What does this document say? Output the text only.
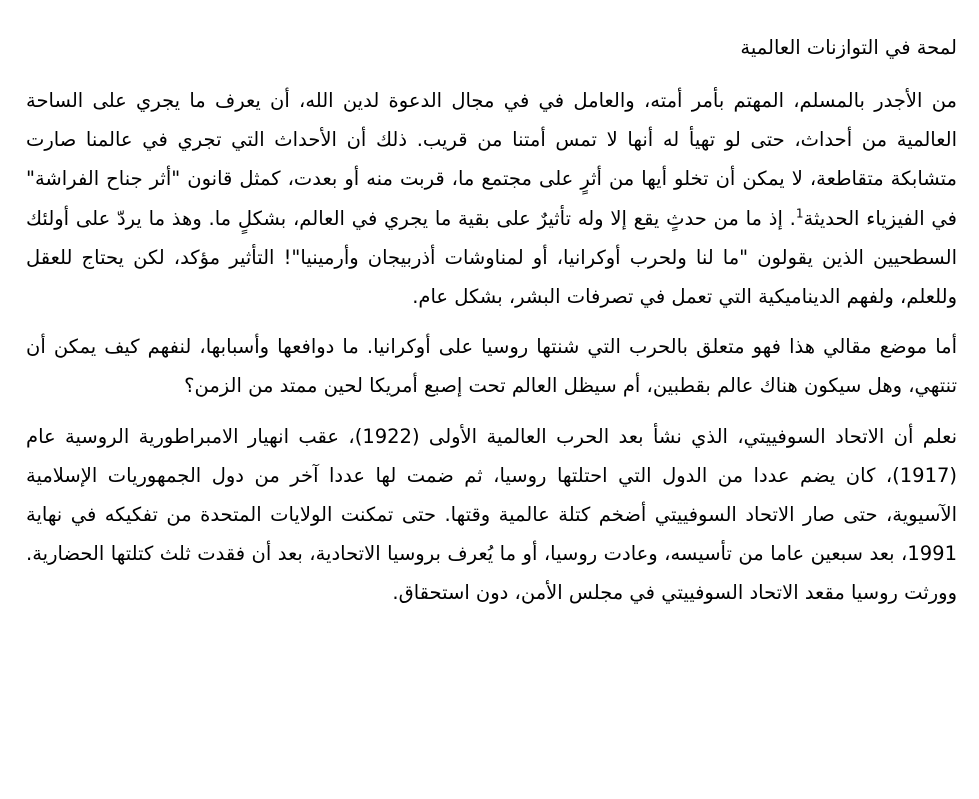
لمحة في التوازنات العالمية

من الأجدر بالمسلم، المهتم بأمر أمته، والعامل في في مجال الدعوة لدين الله، أن يعرف ما يجري على الساحة العالمية من أحداث، حتى لو تهيأ له أنها لا تمس أمتنا من قريب. ذلك أن الأحداث التي تجري في عالمنا صارت متشابكة متقاطعة، لا يمكن أن تخلو أيها من أثرٍ على مجتمع ما، قربت منه أو بعدت، كمثل قانون "أثر جناح الفراشة" في الفيزياء الحديثة$^1$. إذ ما من حدثٍ يقع إلا وله تأثيرٌ على بقية ما يجري في العالم، بشكلٍ ما. وهذ ما يردّ على أولئك السطحيين الذين يقولون "ما لنا ولحرب أوكرانيا، أو لمناوشات أذربيجان وأرمينيا"! التأثير مؤكد، لكن يحتاج للعقل وللعلم، ولفهم الديناميكية التي تعمل في تصرفات البشر، بشكل عام.

أما موضع مقالي هذا فهو متعلق بالحرب التي شنتها روسيا على أوكرانيا. ما دوافعها وأسبابها، لنفهم كيف يمكن أن تنتهي، وهل سيكون هناك عالم بقطبين، أم سيظل العالم تحت إصبع أمريكا لحين ممتد من الزمن؟

نعلم أن الاتحاد السوفييتي، الذي نشأ بعد الحرب العالمية الأولى (1922)، عقب انهيار الامبراطورية الروسية عام (1917)، كان يضم عددا من الدول التي احتلتها روسيا، ثم ضمت لها عددا آخر من دول الجمهوريات الإسلامية الآسيوية، حتى صار الاتحاد السوفييتي أضخم كتلة عالمية وقتها. حتى تمكنت الولايات المتحدة من تفكيكه في نهاية 1991، بعد سبعين عاما من تأسيسه، وعادت روسيا، أو ما يُعرف بروسيا الاتحادية، بعد أن فقدت ثلث كتلتها الحضارية. وورثت روسيا مقعد الاتحاد السوفييتي في مجلس الأمن، دون استحقاق.
